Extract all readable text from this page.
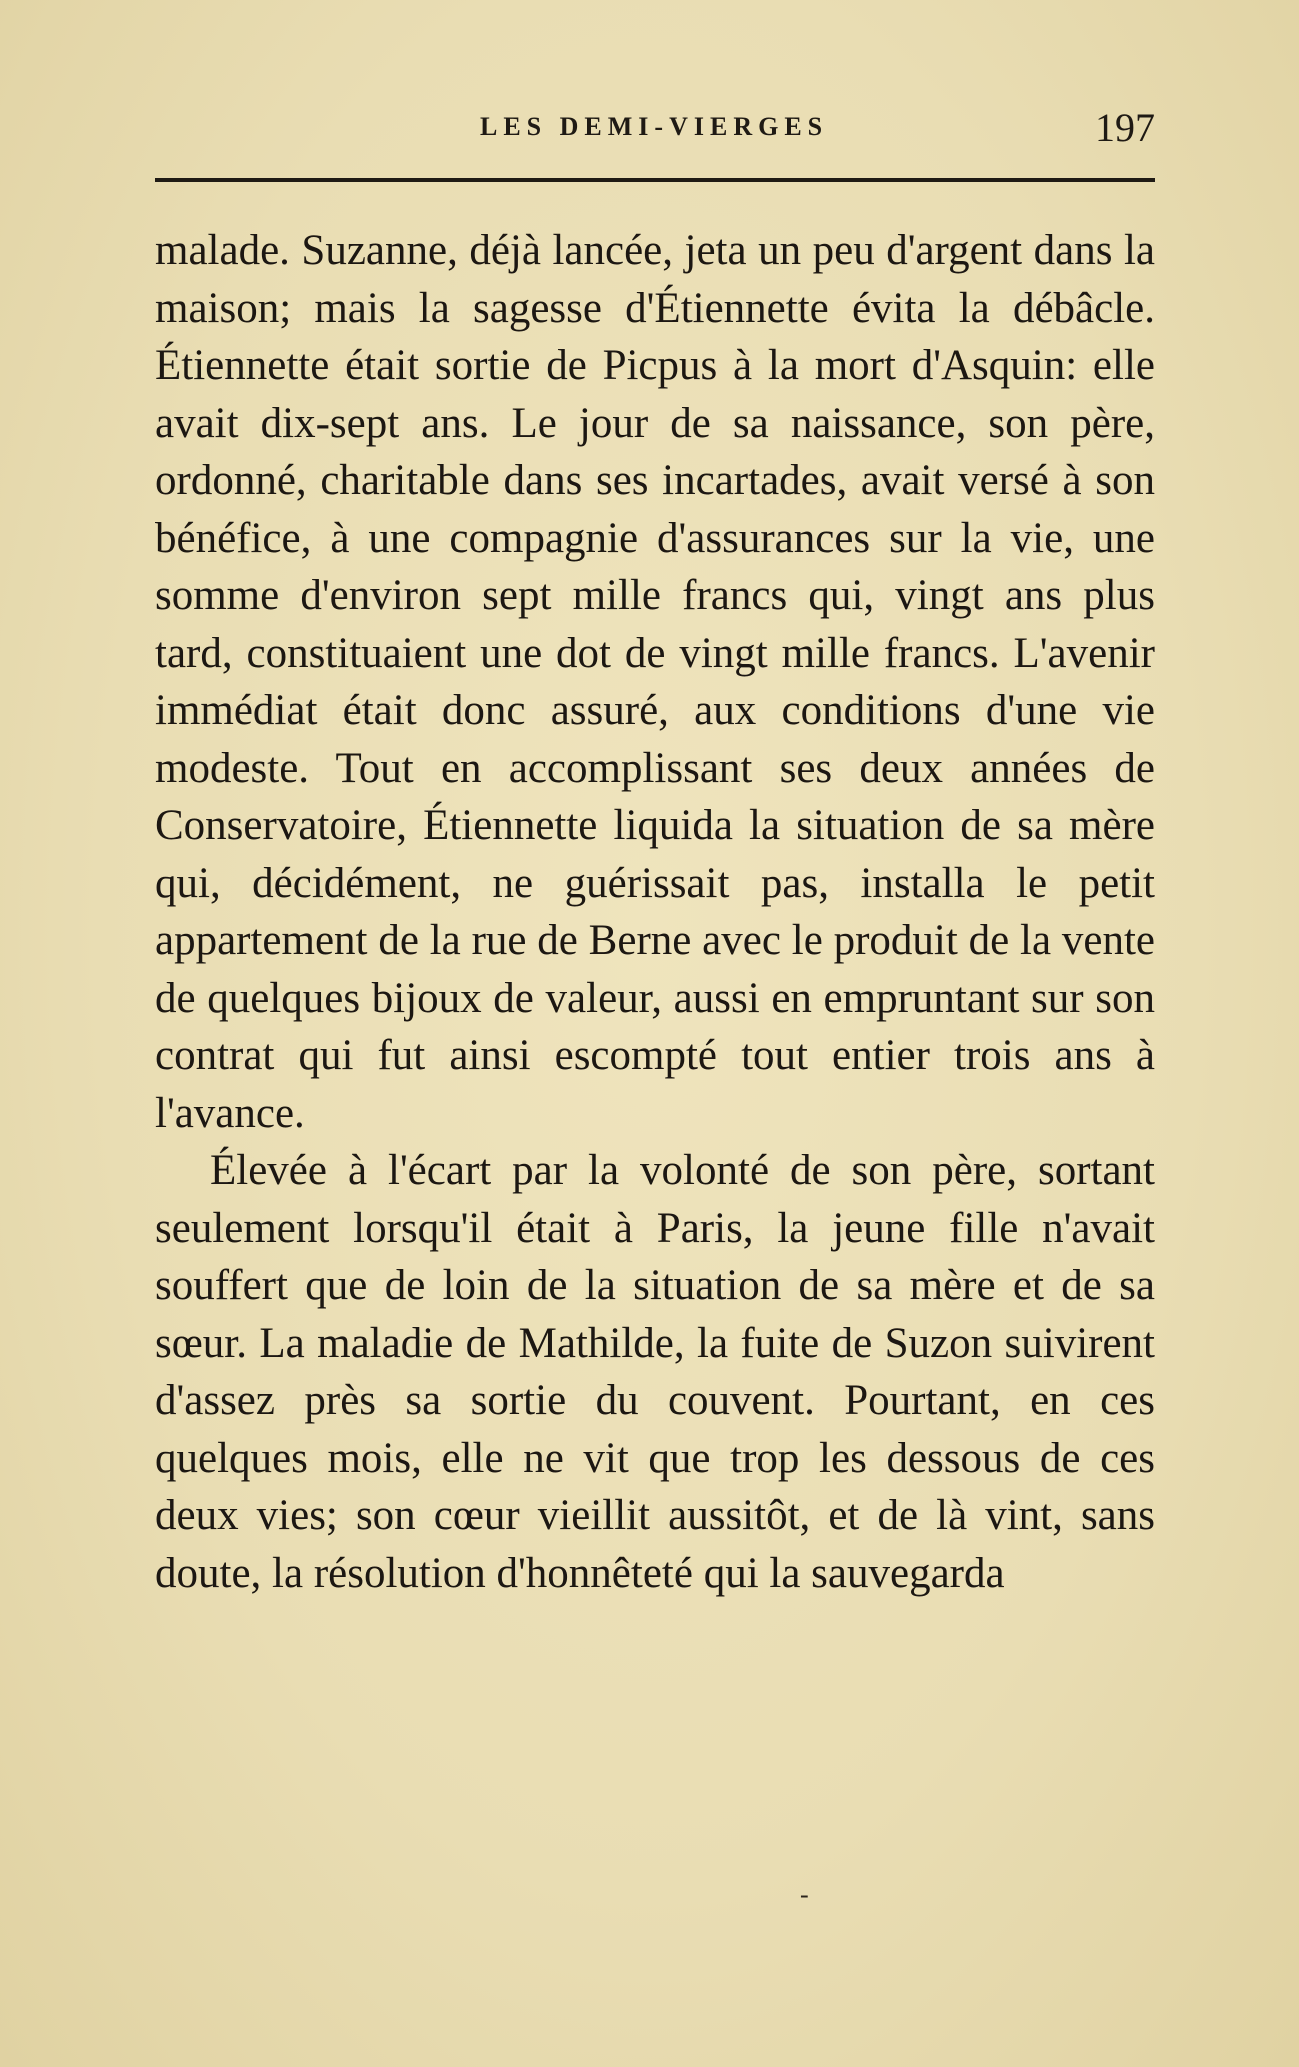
LES DEMI-VIERGES	197

malade. Suzanne, déjà lancée, jeta un peu d'argent dans la maison; mais la sagesse d'Étiennette évita la débâcle. Étiennette était sortie de Picpus à la mort d'Asquin: elle avait dix-sept ans. Le jour de sa naissance, son père, ordonné, charitable dans ses incartades, avait versé à son bénéfice, à une compagnie d'assurances sur la vie, une somme d'environ sept mille francs qui, vingt ans plus tard, constituaient une dot de vingt mille francs. L'avenir immédiat était donc assuré, aux conditions d'une vie modeste. Tout en accomplissant ses deux années de Conservatoire, Étiennette liquida la situation de sa mère qui, décidément, ne guérissait pas, installa le petit appartement de la rue de Berne avec le produit de la vente de quelques bijoux de valeur, aussi en empruntant sur son contrat qui fut ainsi escompté tout entier trois ans à l'avance.

Élevée à l'écart par la volonté de son père, sortant seulement lorsqu'il était à Paris, la jeune fille n'avait souffert que de loin de la situation de sa mère et de sa sœur. La maladie de Mathilde, la fuite de Suzon suivirent d'assez près sa sortie du couvent. Pourtant, en ces quelques mois, elle ne vit que trop les dessous de ces deux vies; son cœur vieillit aussitôt, et de là vint, sans doute, la résolution d'honnêteté qui la sauvegarda

-
